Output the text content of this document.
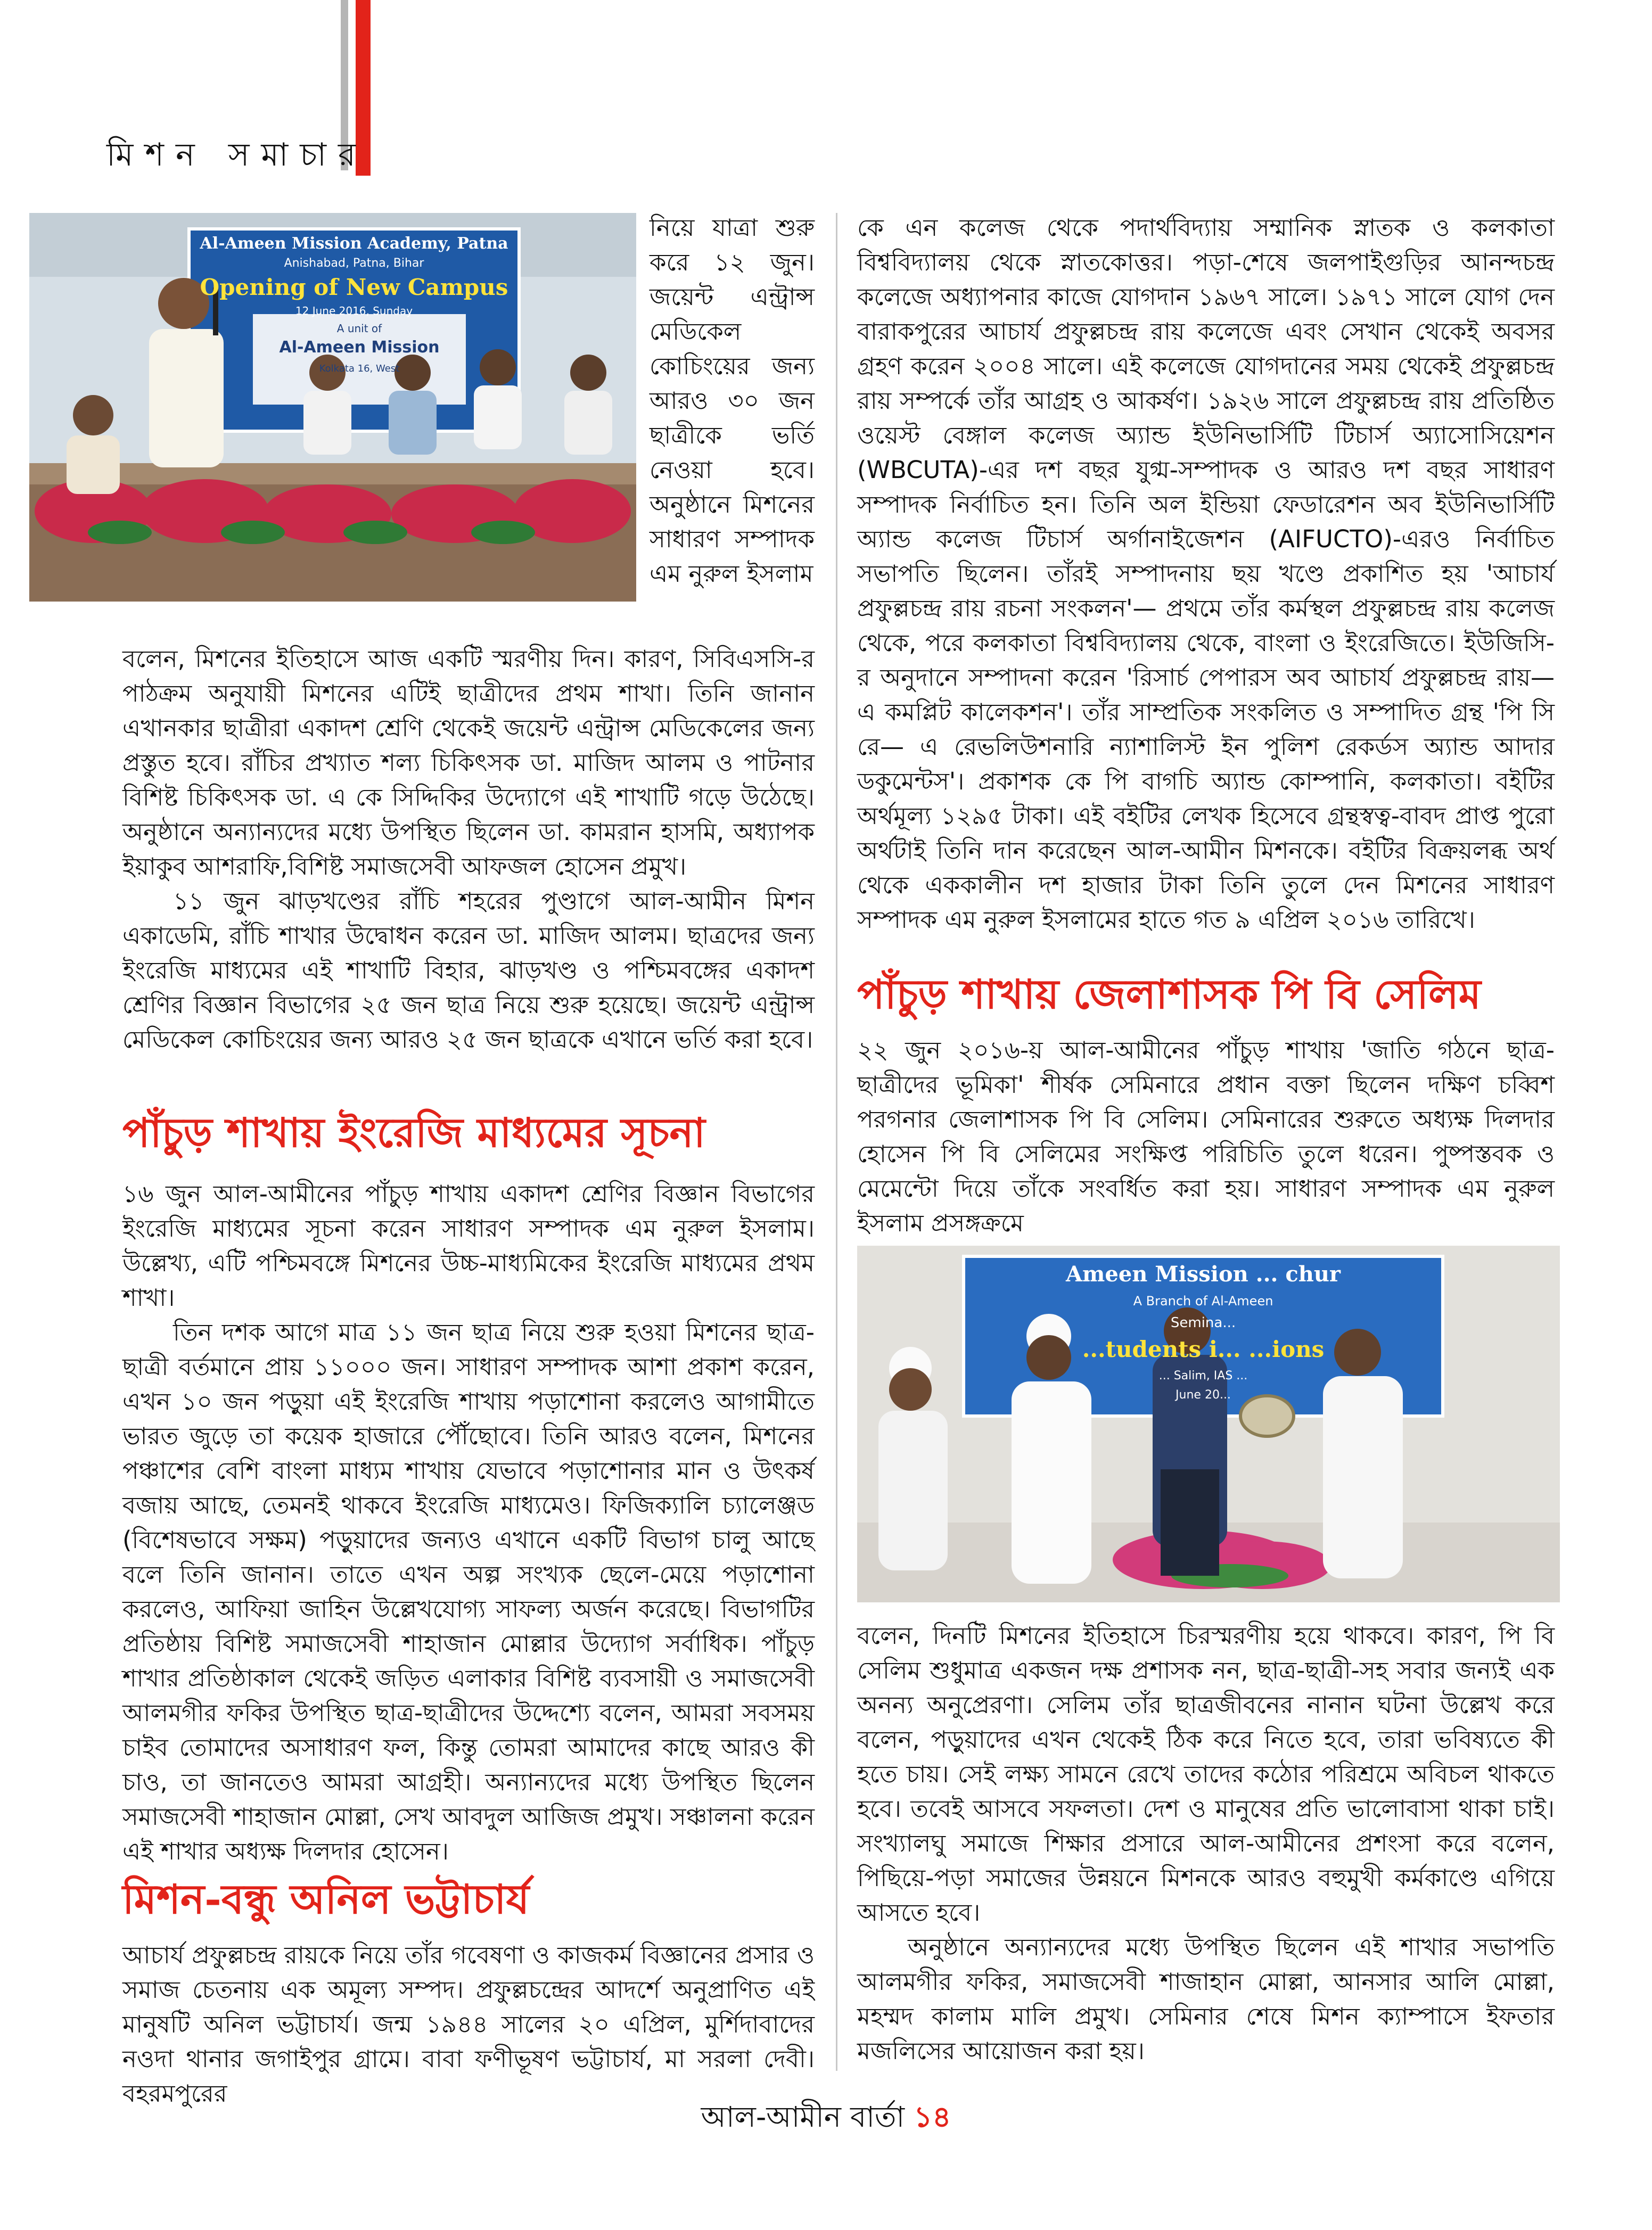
মিশন সমাচার
Al-Ameen Mission Academy, Patna
Anishabad, Patna, Bihar
Opening of New Campus
12 June 2016, Sunday
A unit of
Al-Ameen Mission
Kolkata 16, West

নিয়ে যাত্রা শুরু করে ১২ জুন। জয়েন্ট এন্ট্রান্স মেডিকেল কোচিংয়ের জন্য আরও ৩০ জন ছাত্রীকে ভর্তি নেওয়া হবে। অনুষ্ঠানে মিশনের সাধারণ সম্পাদক এম নুরুল ইসলাম

বলেন, মিশনের ইতিহাসে আজ একটি স্মরণীয় দিন। কারণ, সিবিএসসি-র পাঠক্রম অনুযায়ী মিশনের এটিই ছাত্রীদের প্রথম শাখা। তিনি জানান এখানকার ছাত্রীরা একাদশ শ্রেণি থেকেই জয়েন্ট এন্ট্রান্স মেডিকেলের জন্য প্রস্তুত হবে। রাঁচির প্রখ্যাত শল্য চিকিৎসক ডা. মাজিদ আলম ও পাটনার বিশিষ্ট চিকিৎসক ডা. এ কে সিদ্দিকির উদ্যোগে এই শাখাটি গড়ে উঠেছে। অনুষ্ঠানে অন্যান্যদের মধ্যে উপস্থিত ছিলেন ডা. কামরান হাসমি, অধ্যাপক ইয়াকুব আশরাফি,বিশিষ্ট সমাজসেবী আফজল হোসেন প্রমুখ।

১১ জুন ঝাড়খণ্ডের রাঁচি শহরের পুণ্ডাগে আল-আমীন মিশন একাডেমি, রাঁচি শাখার উদ্বোধন করেন ডা. মাজিদ আলম। ছাত্রদের জন্য ইংরেজি মাধ্যমের এই শাখাটি বিহার, ঝাড়খণ্ড ও পশ্চিমবঙ্গের একাদশ শ্রেণির বিজ্ঞান বিভাগের ২৫ জন ছাত্র নিয়ে শুরু হয়েছে। জয়েন্ট এন্ট্রান্স মেডিকেল কোচিংয়ের জন্য আরও ২৫ জন ছাত্রকে এখানে ভর্তি করা হবে।

পাঁচুড় শাখায় ইংরেজি মাধ্যমের সূচনা

১৬ জুন আল-আমীনের পাঁচুড় শাখায় একাদশ শ্রেণির বিজ্ঞান বিভাগের ইংরেজি মাধ্যমের সূচনা করেন সাধারণ সম্পাদক এম নুরুল ইসলাম। উল্লেখ্য, এটি পশ্চিমবঙ্গে মিশনের উচ্চ-মাধ্যমিকের ইংরেজি মাধ্যমের প্রথম শাখা।

তিন দশক আগে মাত্র ১১ জন ছাত্র নিয়ে শুরু হওয়া মিশনের ছাত্র-ছাত্রী বর্তমানে প্রায় ১১০০০ জন। সাধারণ সম্পাদক আশা প্রকাশ করেন, এখন ১০ জন পড়ুয়া এই ইংরেজি শাখায় পড়াশোনা করলেও আগামীতে ভারত জুড়ে তা কয়েক হাজারে পৌঁছোবে। তিনি আরও বলেন, মিশনের পঞ্চাশের বেশি বাংলা মাধ্যম শাখায় যেভাবে পড়াশোনার মান ও উৎকর্ষ বজায় আছে, তেমনই থাকবে ইংরেজি মাধ্যমেও। ফিজিক্যালি চ্যালেঞ্জড (বিশেষভাবে সক্ষম) পড়ুয়াদের জন্যও এখানে একটি বিভাগ চালু আছে বলে তিনি জানান। তাতে এখন অল্প সংখ্যক ছেলে-মেয়ে পড়াশোনা করলেও, আফিয়া জাহিন উল্লেখযোগ্য সাফল্য অর্জন করেছে। বিভাগটির প্রতিষ্ঠায় বিশিষ্ট সমাজসেবী শাহাজান মোল্লার উদ্যোগ সর্বাধিক। পাঁচুড় শাখার প্রতিষ্ঠাকাল থেকেই জড়িত এলাকার বিশিষ্ট ব্যবসায়ী ও সমাজসেবী আলমগীর ফকির উপস্থিত ছাত্র-ছাত্রীদের উদ্দেশ্যে বলেন, আমরা সবসময় চাইব তোমাদের অসাধারণ ফল, কিন্তু তোমরা আমাদের কাছে আরও কী চাও, তা জানতেও আমরা আগ্রহী। অন্যান্যদের মধ্যে উপস্থিত ছিলেন সমাজসেবী শাহাজান মোল্লা, সেখ আবদুল আজিজ প্রমুখ। সঞ্চালনা করেন এই শাখার অধ্যক্ষ দিলদার হোসেন।

মিশন-বন্ধু অনিল ভট্টাচার্য

আচার্য প্রফুল্লচন্দ্র রায়কে নিয়ে তাঁর গবেষণা ও কাজকর্ম বিজ্ঞানের প্রসার ও সমাজ চেতনায় এক অমূল্য সম্পদ। প্রফুল্লচন্দ্রের আদর্শে অনুপ্রাণিত এই মানুষটি অনিল ভট্টাচার্য। জন্ম ১৯৪৪ সালের ২০ এপ্রিল, মুর্শিদাবাদের নওদা থানার জগাইপুর গ্রামে। বাবা ফণীভূষণ ভট্টাচার্য, মা সরলা দেবী। বহরমপুরের

কে এন কলেজ থেকে পদার্থবিদ্যায় সম্মানিক স্নাতক ও কলকাতা বিশ্ববিদ্যালয় থেকে স্নাতকোত্তর। পড়া-শেষে জলপাইগুড়ির আনন্দচন্দ্র কলেজে অধ্যাপনার কাজে যোগদান ১৯৬৭ সালে। ১৯৭১ সালে যোগ দেন বারাকপুরের আচার্য প্রফুল্লচন্দ্র রায় কলেজে এবং সেখান থেকেই অবসর গ্রহণ করেন ২০০৪ সালে। এই কলেজে যোগদানের সময় থেকেই প্রফুল্লচন্দ্র রায় সম্পর্কে তাঁর আগ্রহ ও আকর্ষণ। ১৯২৬ সালে প্রফুল্লচন্দ্র রায় প্রতিষ্ঠিত ওয়েস্ট বেঙ্গাল কলেজ অ্যান্ড ইউনিভার্সিটি টিচার্স অ্যাসোসিয়েশন (WBCUTA)-এর দশ বছর যুগ্ম-সম্পাদক ও আরও দশ বছর সাধারণ সম্পাদক নির্বাচিত হন। তিনি অল ইন্ডিয়া ফেডারেশন অব ইউনিভার্সিটি অ্যান্ড কলেজ টিচার্স অর্গানাইজেশন (AIFUCTO)-এরও নির্বাচিত সভাপতি ছিলেন। তাঁরই সম্পাদনায় ছয় খণ্ডে প্রকাশিত হয় 'আচার্য প্রফুল্লচন্দ্র রায় রচনা সংকলন'— প্রথমে তাঁর কর্মস্থল প্রফুল্লচন্দ্র রায় কলেজ থেকে, পরে কলকাতা বিশ্ববিদ্যালয় থেকে, বাংলা ও ইংরেজিতে। ইউজিসি-র অনুদানে সম্পাদনা করেন 'রিসার্চ পেপারস অব আচার্য প্রফুল্লচন্দ্র রায়— এ কমপ্লিট কালেকশন'। তাঁর সাম্প্রতিক সংকলিত ও সম্পাদিত গ্রন্থ 'পি সি রে— এ রেভলিউশনারি ন্যাশালিস্ট ইন পুলিশ রেকর্ডস অ্যান্ড আদার ডকুমেন্টস'। প্রকাশক কে পি বাগচি অ্যান্ড কোম্পানি, কলকাতা। বইটির অর্থমূল্য ১২৯৫ টাকা। এই বইটির লেখক হিসেবে গ্রন্থস্বত্ব-বাবদ প্রাপ্ত পুরো অর্থটাই তিনি দান করেছেন আল-আমীন মিশনকে। বইটির বিক্রয়লব্ধ অর্থ থেকে এককালীন দশ হাজার টাকা তিনি তুলে দেন মিশনের সাধারণ সম্পাদক এম নুরুল ইসলামের হাতে গত ৯ এপ্রিল ২০১৬ তারিখে।

পাঁচুড় শাখায় জেলাশাসক পি বি সেলিম

২২ জুন ২০১৬-য় আল-আমীনের পাঁচুড় শাখায় 'জাতি গঠনে ছাত্র-ছাত্রীদের ভূমিকা' শীর্ষক সেমিনারে প্রধান বক্তা ছিলেন দক্ষিণ চব্বিশ পরগনার জেলাশাসক পি বি সেলিম। সেমিনারের শুরুতে অধ্যক্ষ দিলদার হোসেন পি বি সেলিমের সংক্ষিপ্ত পরিচিতি তুলে ধরেন। পুষ্পস্তবক ও মেমেন্টো দিয়ে তাঁকে সংবর্ধিত করা হয়। সাধারণ সম্পাদক এম নুরুল ইসলাম প্রসঙ্গক্রমে

Ameen Mission ... chur
A Branch of Al-Ameen
Semina...
...tudents i... ...ions
... Salim, IAS ...
June 20...

বলেন, দিনটি মিশনের ইতিহাসে চিরস্মরণীয় হয়ে থাকবে। কারণ, পি বি সেলিম শুধুমাত্র একজন দক্ষ প্রশাসক নন, ছাত্র-ছাত্রী-সহ সবার জন্যই এক অনন্য অনুপ্রেরণা। সেলিম তাঁর ছাত্রজীবনের নানান ঘটনা উল্লেখ করে বলেন, পড়ুয়াদের এখন থেকেই ঠিক করে নিতে হবে, তারা ভবিষ্যতে কী হতে চায়। সেই লক্ষ্য সামনে রেখে তাদের কঠোর পরিশ্রমে অবিচল থাকতে হবে। তবেই আসবে সফলতা। দেশ ও মানুষের প্রতি ভালোবাসা থাকা চাই। সংখ্যালঘু সমাজে শিক্ষার প্রসারে আল-আমীনের প্রশংসা করে বলেন, পিছিয়ে-পড়া সমাজের উন্নয়নে মিশনকে আরও বহুমুখী কর্মকাণ্ডে এগিয়ে আসতে হবে।

অনুষ্ঠানে অন্যান্যদের মধ্যে উপস্থিত ছিলেন এই শাখার সভাপতি আলমগীর ফকির, সমাজসেবী শাজাহান মোল্লা, আনসার আলি মোল্লা, মহম্মদ কালাম মালি প্রমুখ। সেমিনার শেষে মিশন ক্যাম্পাসে ইফতার মজলিসের আয়োজন করা হয়।

আল-আমীন বার্তা ১৪
